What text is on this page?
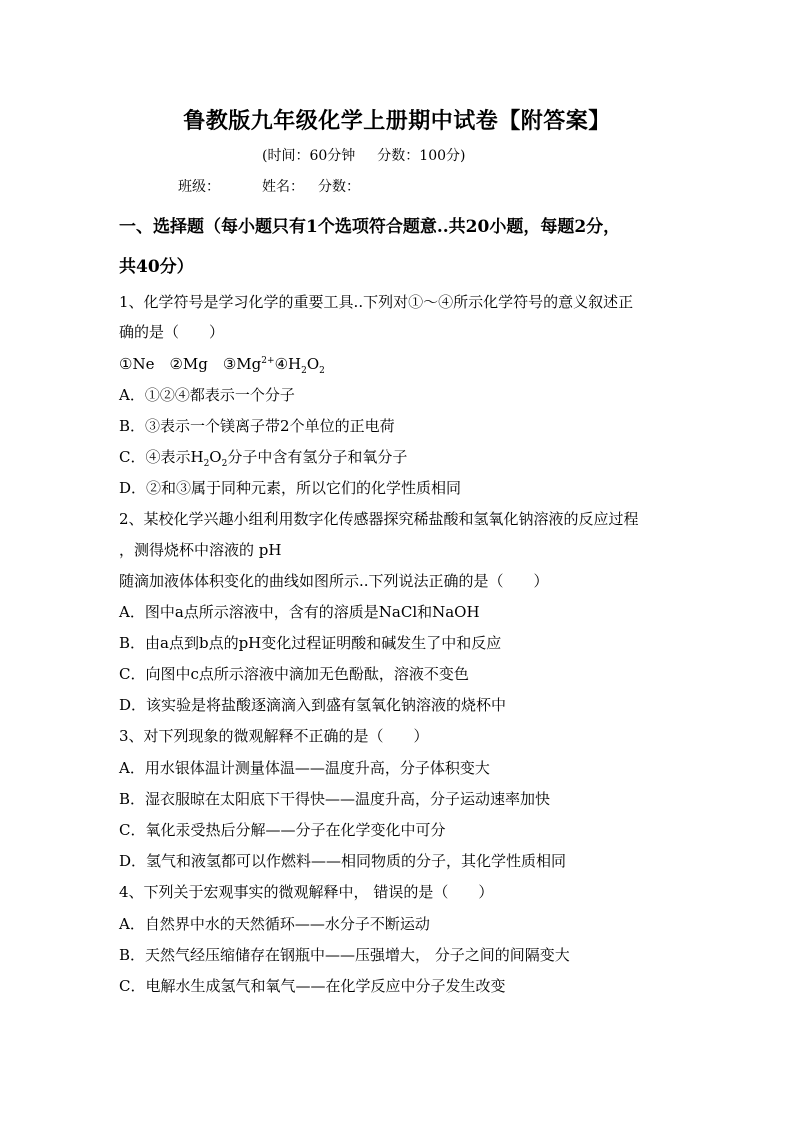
鲁教版九年级化学上册期中试卷【附答案】
(时间：60分钟 分数：100分)
班级：	姓名： 分数：
一、选择题（每小题只有1个选项符合题意..共20小题，每题2分，
共40分）
1、化学符号是学习化学的重要工具..下列对①～④所示化学符号的意义叙述正
确的是（　　）
①Ne　②Mg　$③Mg^{2+}④H_2O_2$
A．①②④都表示一个分子
B．③表示一个镁离子带2个单位的正电荷
C．④表示$H_2O_2$分子中含有氢分子和氧分子
D．②和③属于同种元素，所以它们的化学性质相同
2、某校化学兴趣小组利用数字化传感器探究稀盐酸和氢氧化钠溶液的反应过程
，测得烧杯中溶液的 pH
随滴加液体体积变化的曲线如图所示..下列说法正确的是（　　）
A．图中a点所示溶液中，含有的溶质是NaCl和NaOH
B．由a点到b点的pH变化过程证明酸和碱发生了中和反应
C．向图中c点所示溶液中滴加无色酚酞，溶液不变色
D．该实验是将盐酸逐滴滴入到盛有氢氧化钠溶液的烧杯中
3、对下列现象的微观解释不正确的是（　　）
A．用水银体温计测量体温——温度升高，分子体积变大
B．湿衣服晾在太阳底下干得快——温度升高，分子运动速率加快
C．氧化汞受热后分解——分子在化学变化中可分
D．氢气和液氢都可以作燃料——相同物质的分子，其化学性质相同
4、下列关于宏观事实的微观解释中， 错误的是（　　）
A．自然界中水的天然循环——水分子不断运动
B．天然气经压缩储存在钢瓶中——压强增大， 分子之间的间隔变大
C．电解水生成氢气和氧气——在化学反应中分子发生改变
